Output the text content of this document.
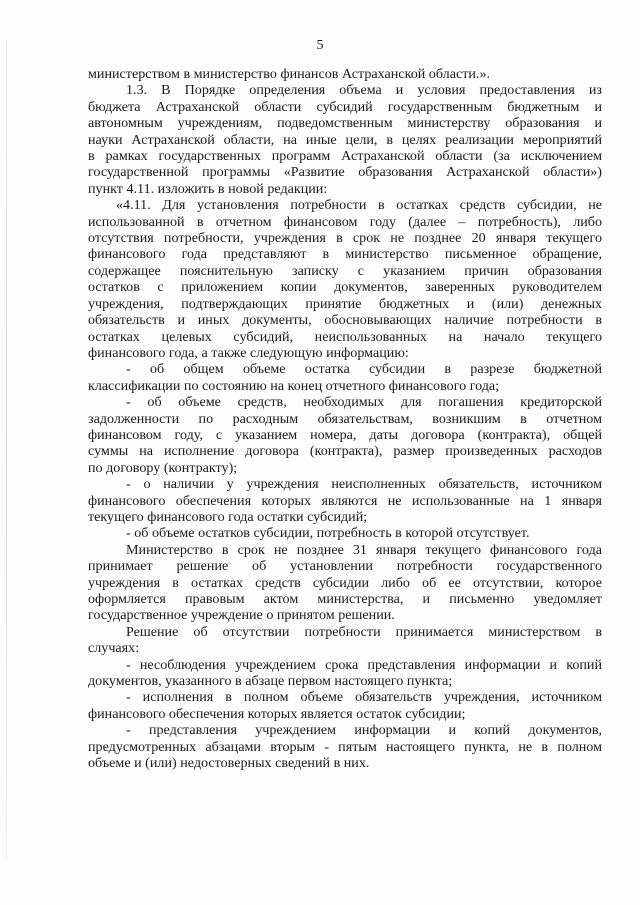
5

министерством в министерство финансов Астраханской области.».

1.3. В Порядке определения объема и условия предоставления из

бюджета Астраханской области субсидий государственным бюджетным и

автономным учреждениям, подведомственным министерству образования и

науки Астраханской области, на иные цели, в целях реализации мероприятий

в рамках государственных программ Астраханской области (за исключением

государственной программы «Развитие образования Астраханской области»)

пункт 4.11. изложить в новой редакции:

«4.11. Для установления потребности в остатках средств субсидии, не

использованной в отчетном финансовом году (далее – потребность), либо

отсутствия потребности, учреждения в срок не позднее 20 января текущего

финансового года представляют в министерство письменное обращение,

содержащее пояснительную записку с указанием причин образования

остатков с приложением копии документов, заверенных руководителем

учреждения, подтверждающих принятие бюджетных и (или) денежных

обязательств и иных документы, обосновывающих наличие потребности в

остатках целевых субсидий, неиспользованных на начало текущего

финансового года, а также следующую информацию:

- об общем объеме остатка субсидии в разрезе бюджетной

классификации по состоянию на конец отчетного финансового года;

- об объеме средств, необходимых для погашения кредиторской

задолженности по расходным обязательствам, возникшим в отчетном

финансовом году, с указанием номера, даты договора (контракта), общей

суммы на исполнение договора (контракта), размер произведенных расходов

по договору (контракту);

- о наличии у учреждения неисполненных обязательств, источником

финансового обеспечения которых являются не использованные на 1 января

текущего финансового года остатки субсидий;

- об объеме остатков субсидии, потребность в которой отсутствует.

Министерство в срок не позднее 31 января текущего финансового года

принимает решение об установлении потребности государственного

учреждения в остатках средств субсидии либо об ее отсутствии, которое

оформляется правовым актом министерства, и письменно уведомляет

государственное учреждение о принятом решении.

Решение об отсутствии потребности принимается министерством в

случаях:

- несоблюдения учреждением срока представления информации и копий

документов, указанного в абзаце первом настоящего пункта;

- исполнения в полном объеме обязательств учреждения, источником

финансового обеспечения которых является остаток субсидии;

- представления учреждением информации и копий документов,

предусмотренных абзацами вторым - пятым настоящего пункта, не в полном

объеме и (или) недостоверных сведений в них.
